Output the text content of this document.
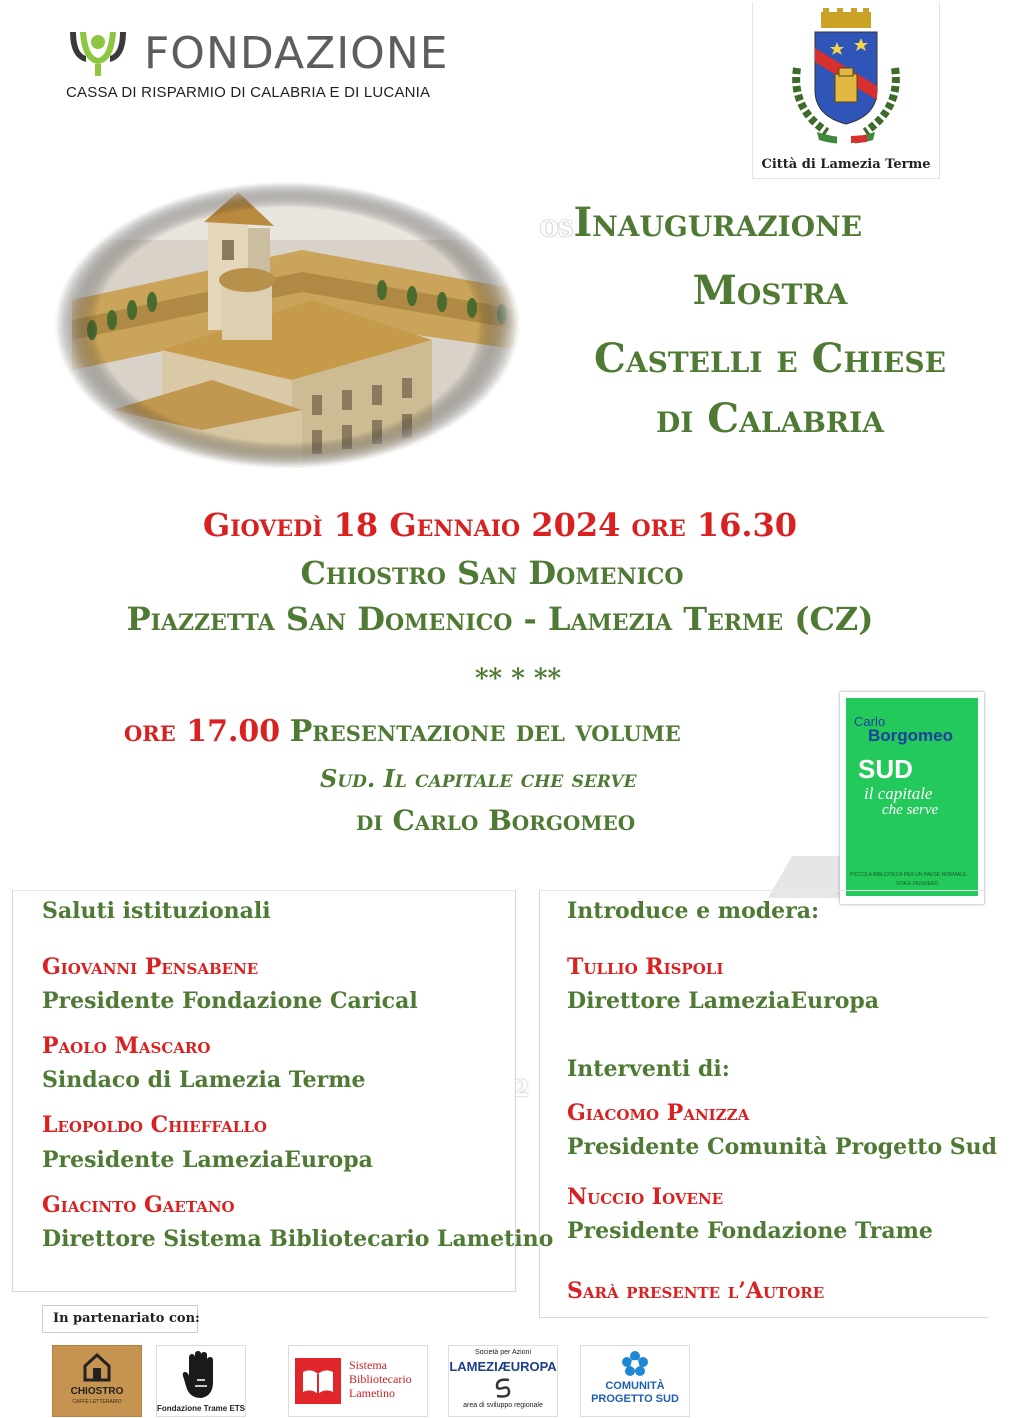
FONDAZIONE
CASSA DI RISPARMIO DI CALABRIA E DI LUCANIA
Città di Lamezia Terme
osInaugurazione
Mostra
Castelli e Chiese
di Calabria
Giovedì 18 Gennaio 2024 ore 16.30
Chiostro San Domenico
Piazzetta San Domenico - Lamezia Terme (CZ)
** * **
ore 17.00 Presentazione del volume
Sud. Il capitale che serve
di Carlo Borgomeo
Carlo
Borgomeo
SUD
il capitale
che serve
PICCOLA BIBLIOTECA PER UN PAESE NORMALE
VITA E PENSIERO
Saluti istituzionali
Giovanni Pensabene
Presidente Fondazione Carical
Paolo Mascaro
Sindaco di Lamezia Terme
Leopoldo Chieffallo
Presidente LameziaEuropa
Giacinto Gaetano
Direttore Sistema Bibliotecario Lametino
2
Introduce e modera:
Tullio Rispoli
Direttore LameziaEuropa
Interventi di:
Giacomo Panizza
Presidente Comunità Progetto Sud
Nuccio Iovene
Presidente Fondazione Trame
Sarà presente l’Autore
In partenariato con:
CHIOSTRO
CAFFÈ LETTERARIO
Fondazione Trame ETS
Sistema
Bibliotecario
Lametino
Società per Azioni
LAMEZIÆUROPA
area di sviluppo regionale
COMUNITÀ
PROGETTO SUD
